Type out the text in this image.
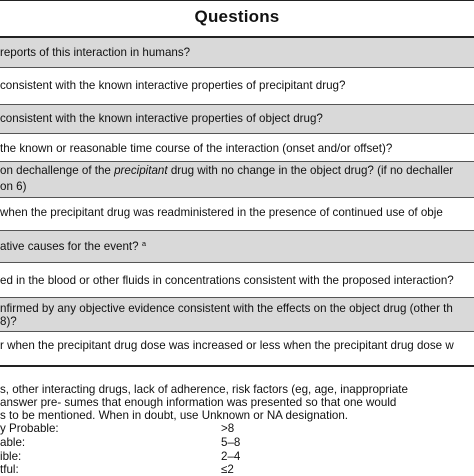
Questions
reports of this interaction in humans?
consistent with the known interactive properties of precipitant drug?
consistent with the known interactive properties of object drug?
the known or reasonable time course of the interaction (onset and/or offset)?
on dechallenge of the precipitant drug with no change in the object drug? (if no dechaller
on 6)
when the precipitant drug was readministered in the presence of continued use of obje
ative causes for the event? $^a$
ed in the blood or other fluids in concentrations consistent with the proposed interaction?
nfirmed by any objective evidence consistent with the effects on the object drug (other th
8)?
r when the precipitant drug dose was increased or less when the precipitant drug dose w
s, other interacting drugs, lack of adherence, risk factors (eg, age, inappropriate
answer pre- sumes that enough information was presented so that one would
s to be mentioned. When in doubt, use Unknown or NA designation.
y Probable:	>8
able:	5–8
ible:	2–4
tful:	≤2
